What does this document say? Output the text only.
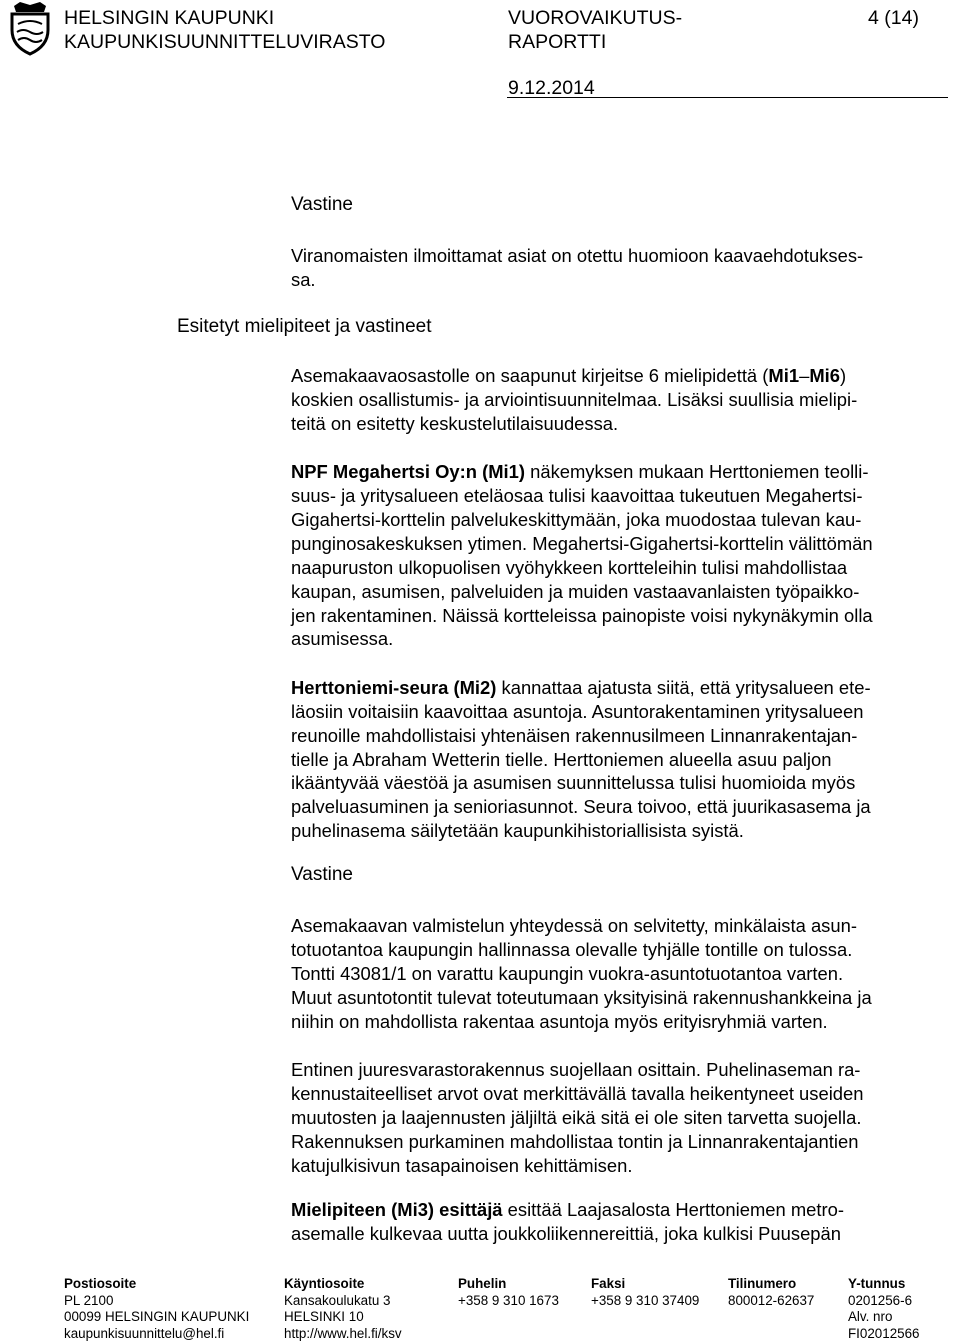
HELSINGIN KAUPUNKI
KAUPUNKISUUNNITTELUVIRASTO
VUOROVAIKUTUS-
RAPORTTI
4 (14)
9.12.2014
Vastine
Viranomaisten ilmoittamat asiat on otettu huomioon kaavaehdotukses-
sa.
Esitetyt mielipiteet ja vastineet
Asemakaavaosastolle on saapunut kirjeitse 6 mielipidettä (Mi1–Mi6)
koskien osallistumis- ja arviointisuunnitelmaa. Lisäksi suullisia mielipi-
teitä on esitetty keskustelutilaisuudessa.
NPF Megahertsi Oy:n (Mi1) näkemyksen mukaan Herttoniemen teolli-
suus- ja yritysalueen eteläosaa tulisi kaavoittaa tukeutuen Megahertsi-
Gigahertsi-korttelin palvelukeskittymään, joka muodostaa tulevan kau-
punginosakeskuksen ytimen. Megahertsi-Gigahertsi-korttelin välittömän
naapuruston ulkopuolisen vyöhykkeen kortteleihin tulisi mahdollistaa
kaupan, asumisen, palveluiden ja muiden vastaavanlaisten työpaikko-
jen rakentaminen. Näissä kortteleissa painopiste voisi nykynäkymin olla
asumisessa.
Herttoniemi-seura (Mi2) kannattaa ajatusta siitä, että yritysalueen ete-
läosiin voitaisiin kaavoittaa asuntoja. Asuntorakentaminen yritysalueen
reunoille mahdollistaisi yhtenäisen rakennusilmeen Linnanrakentajan-
tielle ja Abraham Wetterin tielle. Herttoniemen alueella asuu paljon
ikääntyvää väestöä ja asumisen suunnittelussa tulisi huomioida myös
palveluasuminen ja senioriasunnot. Seura toivoo, että juurikasasema ja
puhelinasema säilytetään kaupunkihistoriallisista syistä.
Vastine
Asemakaavan valmistelun yhteydessä on selvitetty, minkälaista asun-
totuotantoa kaupungin hallinnassa olevalle tyhjälle tontille on tulossa.
Tontti 43081/1 on varattu kaupungin vuokra-asuntotuotantoa varten.
Muut asuntotontit tulevat toteutumaan yksityisinä rakennushankkeina ja
niihin on mahdollista rakentaa asuntoja myös erityisryhmiä varten.
Entinen juuresvarastorakennus suojellaan osittain. Puhelinaseman ra-
kennustaiteelliset arvot ovat merkittävällä tavalla heikentyneet useiden
muutosten ja laajennusten jäljiltä eikä sitä ei ole siten tarvetta suojella.
Rakennuksen purkaminen mahdollistaa tontin ja Linnanrakentajantien
katujulkisivun tasapainoisen kehittämisen.
Mielipiteen (Mi3) esittäjä esittää Laajasalosta Herttoniemen metro-
asemalle kulkevaa uutta joukkoliikennereittiä, joka kulkisi Puusepän
Postiosoite
PL 2100
00099 HELSINGIN KAUPUNKI
kaupunkisuunnittelu@hel.fi
Käyntiosoite
Kansakoulukatu 3
HELSINKI 10
http://www.hel.fi/ksv
Puhelin
+358 9 310 1673
Faksi
+358 9 310 37409
Tilinumero
800012-62637
Y-tunnus
0201256-6
Alv. nro
FI02012566
